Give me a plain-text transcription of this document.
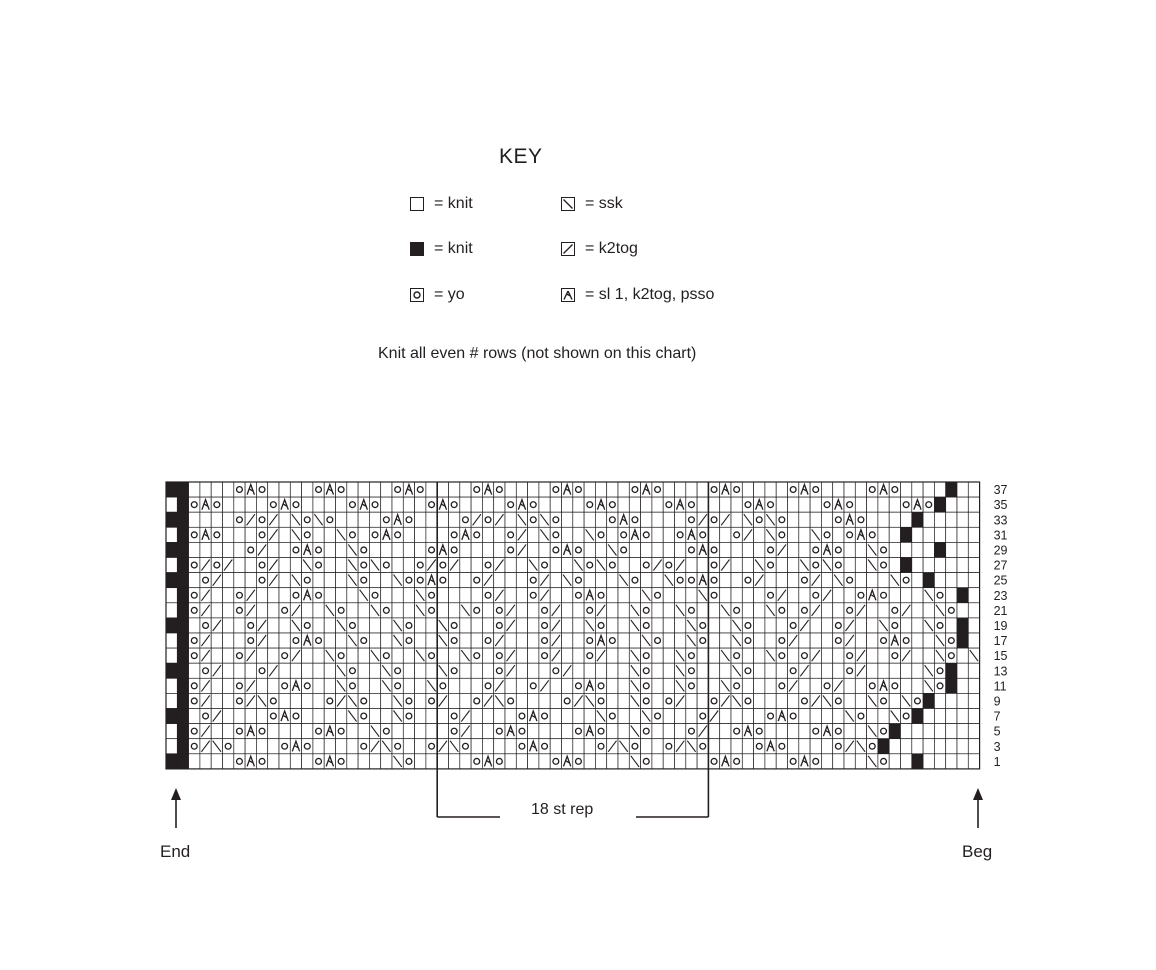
KEY
= knit
= knit
= yo
= ssk
= k2tog
= sl 1, k2tog, psso
Knit all even # rows (not shown on this chart)
37
35
33
31
29
27
25
23
21
19
17
15
13
11
9
7
5
3
1
End	Beg
18 st rep
